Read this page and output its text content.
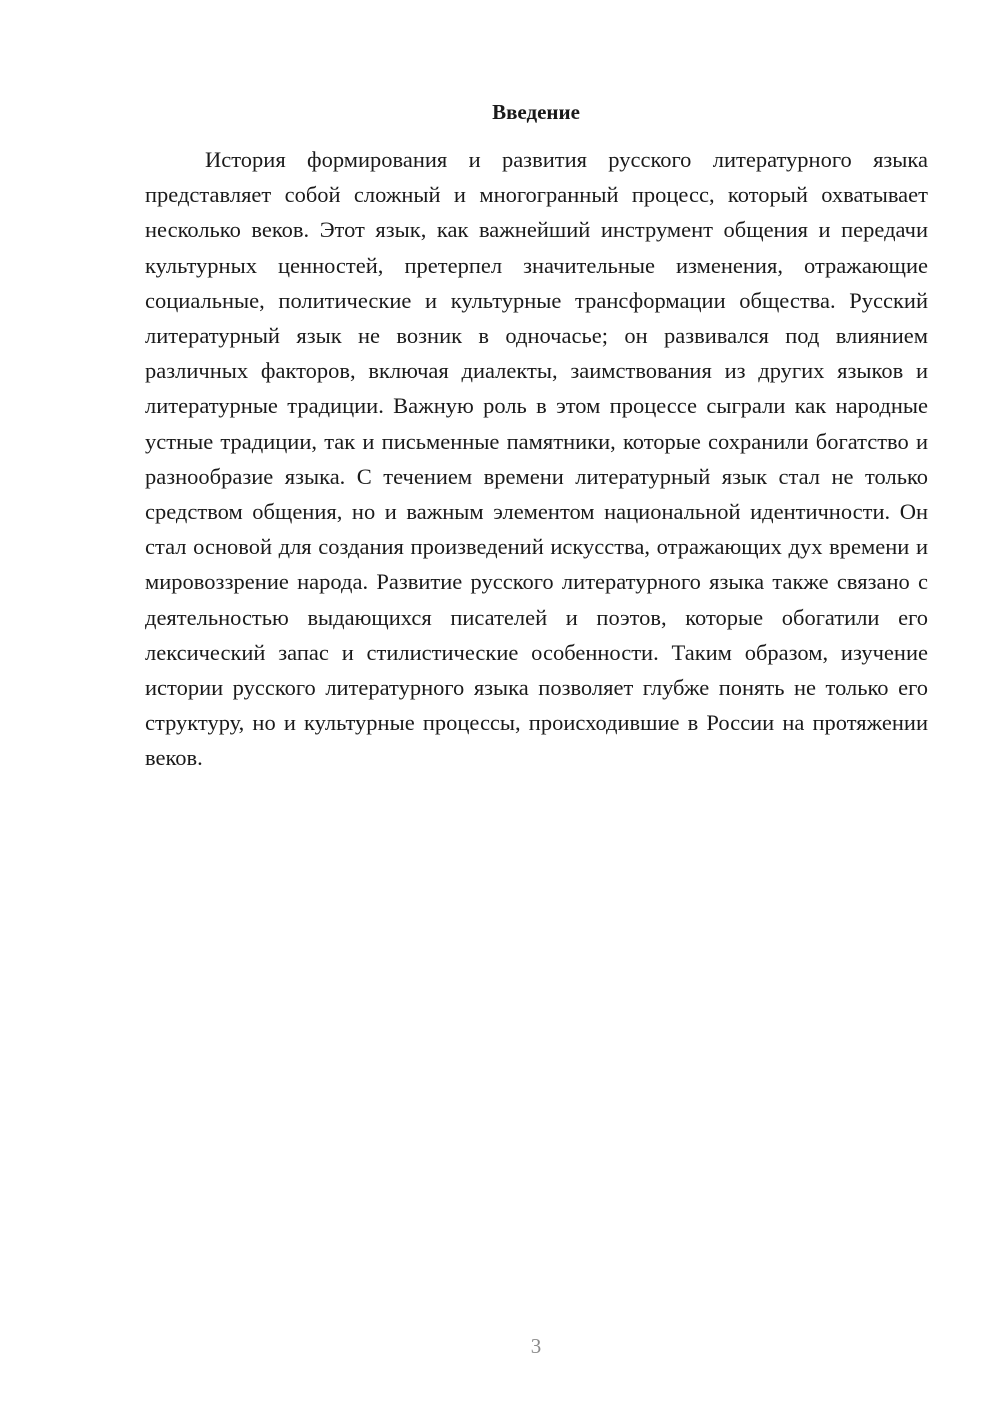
Введение

История формирования и развития русского литературного языка представляет собой сложный и многогранный процесс, который охватывает несколько веков. Этот язык, как важнейший инструмент общения и передачи культурных ценностей, претерпел значительные изменения, отражающие социальные, политические и культурные трансформации общества. Русский литературный язык не возник в одночасье; он развивался под влиянием различных факторов, включая диалекты, заимствования из других языков и литературные традиции. Важную роль в этом процессе сыграли как народные устные традиции, так и письменные памятники, которые сохранили богатство и разнообразие языка. С течением времени литературный язык стал не только средством общения, но и важным элементом национальной идентичности. Он стал основой для создания произведений искусства, отражающих дух времени и мировоззрение народа. Развитие русского литературного языка также связано с деятельностью выдающихся писателей и поэтов, которые обогатили его лексический запас и стилистические особенности. Таким образом, изучение истории русского литературного языка позволяет глубже понять не только его структуру, но и культурные процессы, происходившие в России на протяжении веков.

3
